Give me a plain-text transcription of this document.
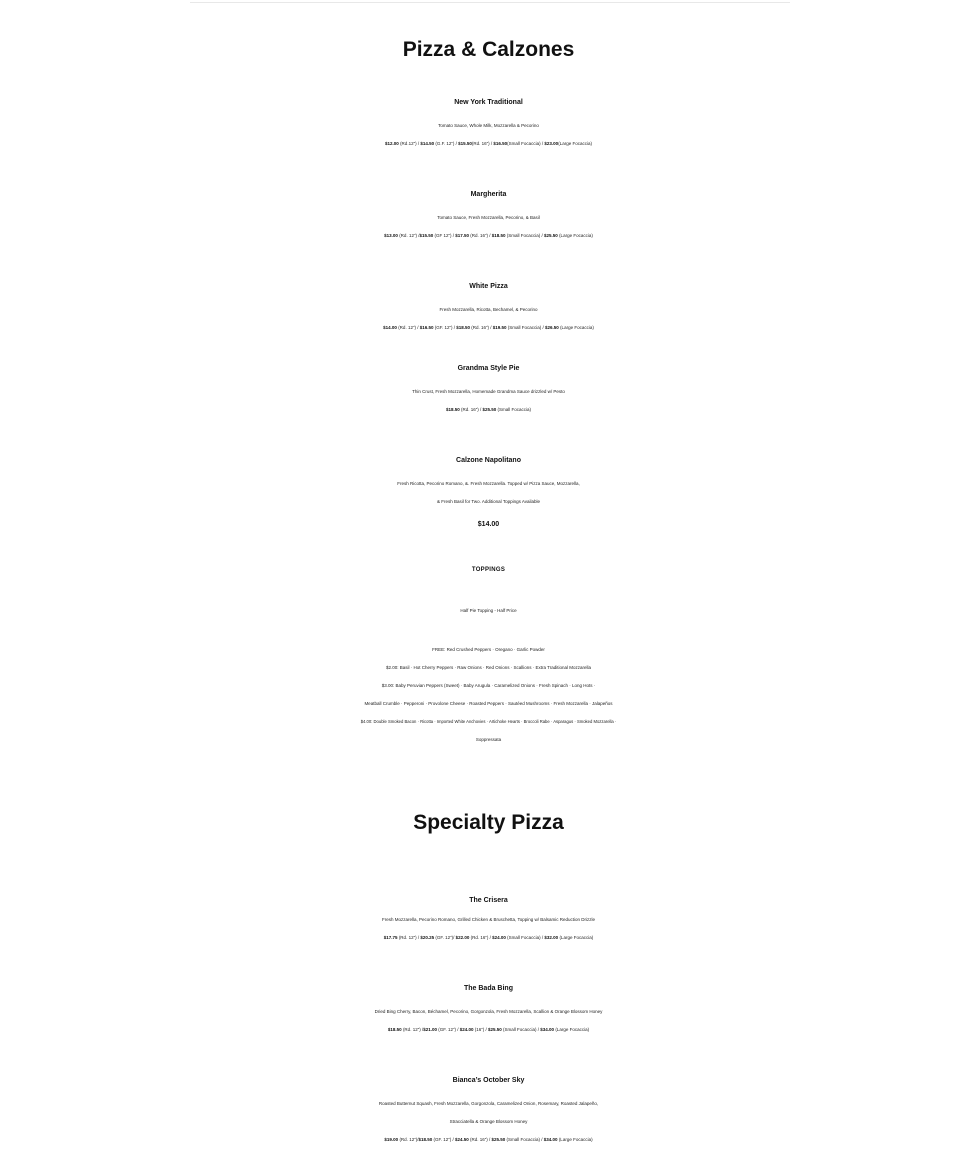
Pizza & Calzones
New York Traditional
Tomato Sauce, Whole Milk, Mozzarella & Pecorino
$12.00 (Rd.12”) / $14.50 (G.F. 12”) / $15.50(Rd. 16”) / $16.50(Small Focaccia) / $23.00(Large Focaccia)
Margherita
Tomato Sauce, Fresh Mozzarella, Pecorino, & Basil
$13.00 (Rd. 12”) /$15.50 (GF 12”) / $17.50 (Rd. 16”) / $18.50 (Small Focaccia) / $25.50 (Large Focaccia)
White Pizza
Fresh Mozzarella, Ricotta, Bechamel, & Pecorino
$14.00 (Rd. 12”) / $16.50 (GF. 12”) / $18.50 (Rd. 16”) / $19.50 (Small Focaccia) / $26.50 (Large Focaccia)
Grandma Style Pie
Thin Crust, Fresh Mozzarella, Homemade Grandma Sauce drizzled w/ Pesto
$18.50 (Rd. 16”) / $25.50 (Small Focaccia)
Calzone Napolitano
Fresh Ricotta, Pecorino Romano, &. Fresh Mozzarella. Topped w/ Pizza Sauce, Mozzarella,
& Fresh Basil for Two. Additional Toppings Available
$14.00
TOPPINGS
Half Pie Topping - Half Price
FREE: Red Crushed Peppers · Oregano · Garlic Powder
$2.00: Basil · Hot Cherry Peppers · Raw Onions · Red Onions · Scallions · Extra Traditional Mozzarella
$3.00: Baby Peruvian Peppers (Sweet) · Baby Arugula · Caramelized Onions · Fresh Spinach · Long Hots ·
Meatball Crumble · Pepperoni · Provolone Cheese · Roasted Peppers · Sautéed Mushrooms · Fresh Mozzarella · Jalapeños
$4.00: Double Smoked Bacon · Ricotta · Imported White Anchovies · Artichoke Hearts · Broccoli Rabe · Asparagus · Smoked Mozzarella ·
Soppressata
Specialty Pizza
The Crisera
Fresh Mozzarella, Pecorino Romano, Grilled Chicken & Bruschetta, Topping w/ Balsamic Reduction Drizzle
$17.75 (Rd. 12”) / $20.25 (GF. 12”)/ $22.00 (Rd. 16”) / $24.00 (Small Focaccia) / $32.00 (Large Focaccia)
The Bada Bing
Dried Bing Cherry, Bacon, Béchamel, Pecorino, Gorgonzola, Fresh Mozzarella, Scallion & Orange Blossom Honey
$18.50 (Rd. 12”) /$21.00 (GF. 12”) / $24.00 (16”) / $25.50 (Small Focaccia) / $34.00 (Large Focaccia)
Bianca’s October Sky
Roasted Butternut Squash, Fresh Mozzarella, Gorgonzola, Caramelized Onion, Rosemary, Roasted Jalapeño,
Stracciatella & Orange Blossom Honey
$19.00 (Rd. 12”)/$18.50 (GF. 12”) / $24.50 (Rd. 16”) / $25.50 (Small Focaccia) / $34.00 (Large Focaccia)
